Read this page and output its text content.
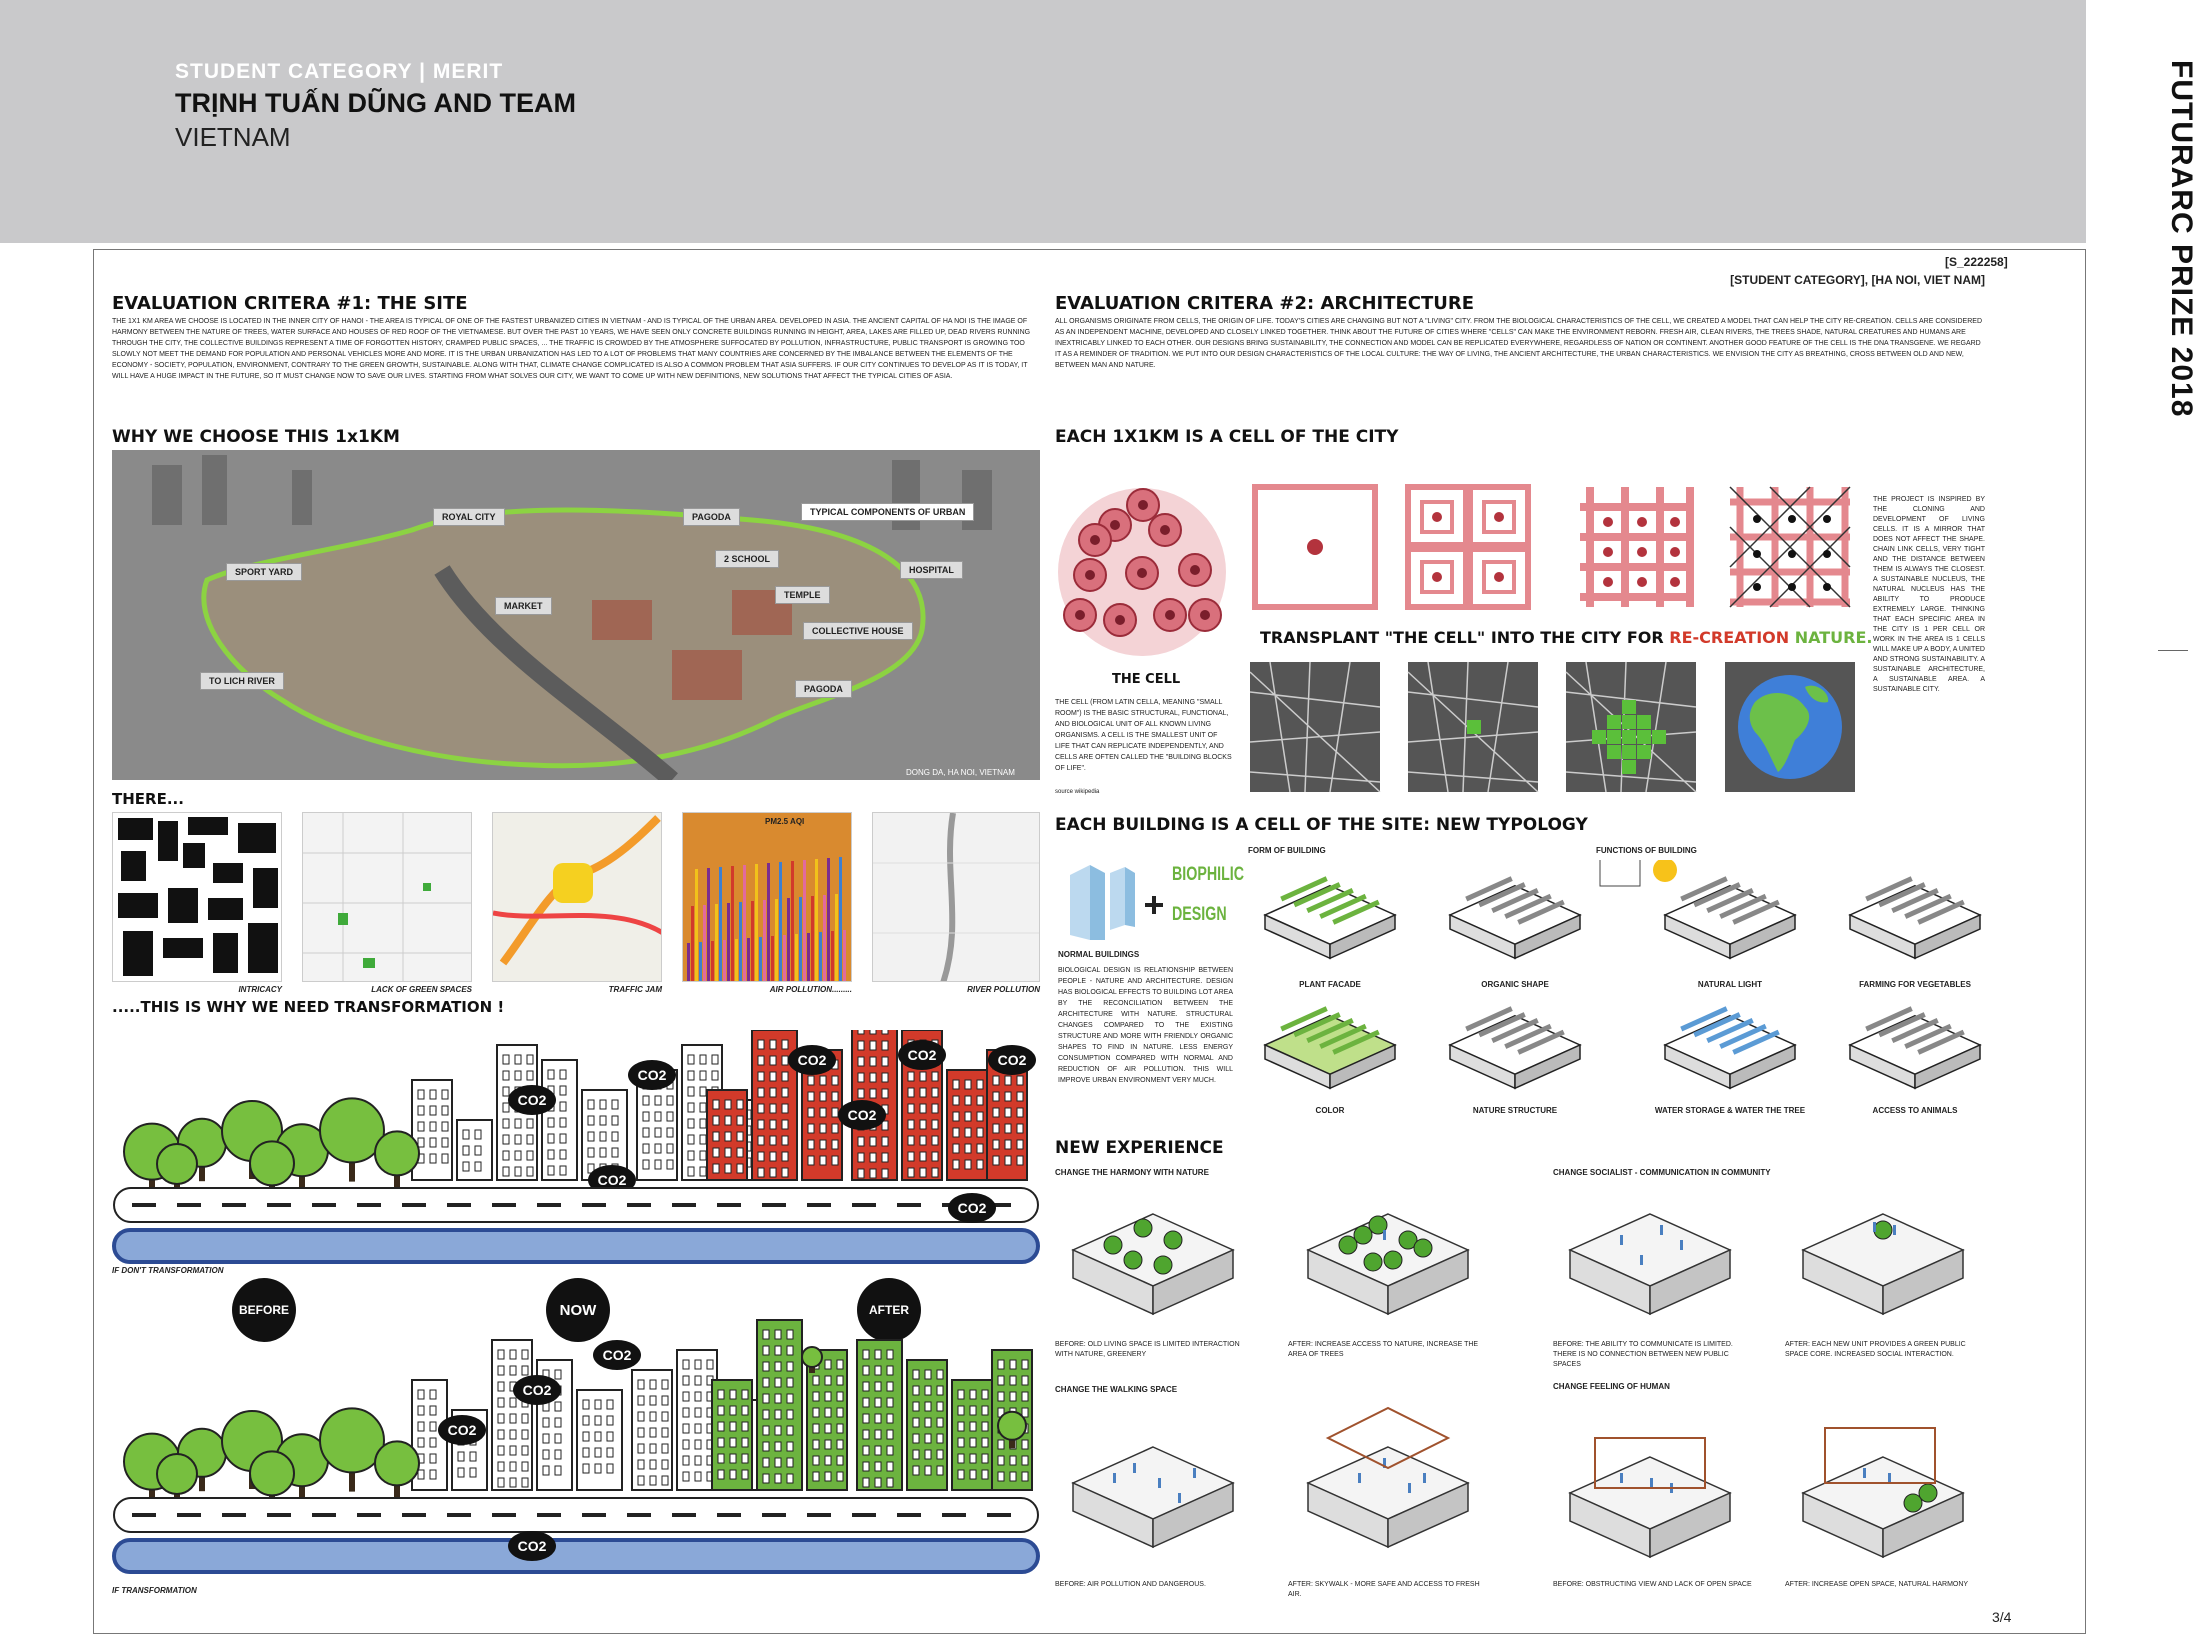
STUDENT CATEGORY | MERIT
TRỊNH TUẤN DŨNG AND TEAM
VIETNAM	FUTURARC PRIZE 2018
[S_222258]
[STUDENT CATEGORY], [HA NOI, VIET NAM]
EVALUATION CRITERA #1: THE SITE
THE 1X1 KM AREA WE CHOOSE IS LOCATED IN THE INNER CITY OF HANOI - THE AREA IS TYPICAL OF ONE OF THE FASTEST URBANIZED CITIES IN VIETNAM - AND IS TYPICAL OF THE URBAN AREA. DEVELOPED IN ASIA. THE ANCIENT CAPITAL OF HA NOI IS THE IMAGE OF HARMONY BETWEEN THE NATURE OF TREES, WATER SURFACE AND HOUSES OF RED ROOF OF THE VIETNAMESE. BUT OVER THE PAST 10 YEARS, WE HAVE SEEN ONLY CONCRETE BUILDINGS RUNNING IN HEIGHT, AREA, LAKES ARE FILLED UP, DEAD RIVERS RUNNING THROUGH THE CITY, THE COLLECTIVE BUILDINGS REPRESENT A TIME OF FORGOTTEN HISTORY, CRAMPED PUBLIC SPACES, ... THE TRAFFIC IS CROWDED BY THE ATMOSPHERE SUFFOCATED BY POLLUTION, INFRASTRUCTURE, PUBLIC TRANSPORT IS GROWING TOO SLOWLY NOT MEET THE DEMAND FOR POPULATION AND PERSONAL VEHICLES MORE AND MORE. IT IS THE URBAN URBANIZATION HAS LED TO A LOT OF PROBLEMS THAT MANY COUNTRIES ARE CONCERNED BY THE IMBALANCE BETWEEN THE ELEMENTS OF THE ECONOMY - SOCIETY, POPULATION, ENVIRONMENT, CONTRARY TO THE GREEN GROWTH, SUSTAINABLE. ALONG WITH THAT, CLIMATE CHANGE COMPLICATED IS ALSO A COMMON PROBLEM THAT ASIA SUFFERS. IF OUR CITY CONTINUES TO DEVELOP AS IT IS TODAY, IT WILL HAVE A HUGE IMPACT IN THE FUTURE, SO IT MUST CHANGE NOW TO SAVE OUR LIVES. STARTING FROM WHAT SOLVES OUR CITY, WE WANT TO COME UP WITH NEW DEFINITIONS, NEW SOLUTIONS THAT AFFECT THE TYPICAL CITIES OF ASIA.
WHY WE CHOOSE THIS 1x1KM
ROYAL CITY	PAGODA	TYPICAL COMPONENTS OF URBAN
SPORT YARD
2 SCHOOL
HOSPITAL
TEMPLE
MARKET
COLLECTIVE HOUSE
TO LICH RIVER
PAGODA
DONG DA, HA NOI, VIETNAM
THERE...
PM2.5 AQI
INTRICACY	LACK OF GREEN SPACES	TRAFFIC JAM	AIR POLLUTION.........	RIVER POLLUTION
.....THIS IS WHY WE NEED TRANSFORMATION !
CO2
CO2
CO2	CO2	CO2
CO2
CO2
CO2
IF DON'T TRANSFORMATION
BEFORE	NOW	AFTER
CO2
CO2
CO2
CO2
IF TRANSFORMATION
EVALUATION CRITERA #2: ARCHITECTURE
ALL ORGANISMS ORIGINATE FROM CELLS, THE ORIGIN OF LIFE. TODAY'S CITIES ARE CHANGING BUT NOT A "LIVING" CITY. FROM THE BIOLOGICAL CHARACTERISTICS OF THE CELL, WE CREATED A MODEL THAT CAN HELP THE CITY RE-CREATION. CELLS ARE CONSIDERED AS AN INDEPENDENT MACHINE, DEVELOPED AND CLOSELY LINKED TOGETHER. THINK ABOUT THE FUTURE OF CITIES WHERE "CELLS" CAN MAKE THE ENVIRONMENT REBORN. FRESH AIR, CLEAN RIVERS, THE TREES SHADE, NATURAL CREATURES AND HUMANS ARE INEXTRICABLY LINKED TO EACH OTHER. OUR DESIGNS BRING SUSTAINABILITY, THE CONNECTION AND MODEL CAN BE REPLICATED EVERYWHERE, REGARDLESS OF NATION OR CONTINENT. ANOTHER GOOD FEATURE OF THE CELL IS THE DNA TRANSGENE. WE REGARD IT AS A REMINDER OF TRADITION. WE PUT INTO OUR DESIGN CHARACTERISTICS OF THE LOCAL CULTURE: THE WAY OF LIVING, THE ANCIENT ARCHITECTURE, THE URBAN CHARACTERISTICS. WE ENVISION THE CITY AS BREATHING, CROSS BETWEEN OLD AND NEW, BETWEEN MAN AND NATURE.
EACH 1X1KM IS A CELL OF THE CITY
THE CELL
THE CELL (FROM LATIN CELLA, MEANING "SMALL ROOM") IS THE BASIC STRUCTURAL, FUNCTIONAL, AND BIOLOGICAL UNIT OF ALL KNOWN LIVING ORGANISMS. A CELL IS THE SMALLEST UNIT OF LIFE THAT CAN REPLICATE INDEPENDENTLY, AND CELLS ARE OFTEN CALLED THE "BUILDING BLOCKS OF LIFE".
source wikipedia
TRANSPLANT "THE CELL" INTO THE CITY FOR RE-CREATION NATURE.
THE PROJECT IS INSPIRED BY THE CLONING AND DEVELOPMENT OF LIVING CELLS. IT IS A MIRROR THAT DOES NOT AFFECT THE SHAPE. CHAIN LINK CELLS, VERY TIGHT AND THE DISTANCE BETWEEN THEM IS ALWAYS THE CLOSEST. A SUSTAINABLE NUCLEUS, THE NATURAL NUCLEUS HAS THE ABILITY TO PRODUCE EXTREMELY LARGE. THINKING THAT EACH SPECIFIC AREA IN THE CITY IS 1 PER CELL OR WORK IN THE AREA IS 1 CELLS WILL MAKE UP A BODY, A UNITED AND STRONG SUSTAINABILITY. A SUSTAINABLE ARCHITECTURE, A SUSTAINABLE AREA. A SUSTAINABLE CITY.
EACH BUILDING IS A CELL OF THE SITE: NEW TYPOLOGY
FORM OF BUILDING	FUNCTIONS OF BUILDING
BIOPHILIC
DESIGN
NORMAL BUILDINGS
BIOLOGICAL DESIGN IS RELATIONSHIP BETWEEN PEOPLE - NATURE AND ARCHITECTURE. DESIGN HAS BIOLOGICAL EFFECTS TO BUILDING LOT AREA BY THE RECONCILIATION BETWEEN THE ARCHITECTURE WITH NATURE. STRUCTURAL CHANGES COMPARED TO THE EXISTING STRUCTURE AND MORE WITH FRIENDLY ORGANIC SHAPES TO FIND IN NATURE. LESS ENERGY CONSUMPTION COMPARED WITH NORMAL AND REDUCTION OF AIR POLLUTION. THIS WILL IMPROVE URBAN ENVIRONMENT VERY MUCH.
PLANT FACADE	ORGANIC SHAPE	NATURAL LIGHT	FARMING FOR VEGETABLES
COLOR	NATURE STRUCTURE	WATER STORAGE & WATER THE TREE	ACCESS TO ANIMALS
NEW EXPERIENCE
CHANGE THE HARMONY WITH NATURE	CHANGE SOCIALIST - COMMUNICATION IN COMMUNITY
BEFORE: OLD LIVING SPACE IS LIMITED INTERACTION WITH NATURE, GREENERY
AFTER: INCREASE ACCESS TO NATURE, INCREASE THE AREA OF TREES
BEFORE: THE ABILITY TO COMMUNICATE IS LIMITED. THERE IS NO CONNECTION BETWEEN NEW PUBLIC SPACES
AFTER: EACH NEW UNIT PROVIDES A GREEN PUBLIC SPACE CORE. INCREASED SOCIAL INTERACTION.
CHANGE THE WALKING SPACE	CHANGE FEELING OF HUMAN
BEFORE: AIR POLLUTION AND DANGEROUS.	AFTER: SKYWALK - MORE SAFE AND ACCESS TO FRESH AIR.
BEFORE: OBSTRUCTING VIEW AND LACK OF OPEN SPACE	AFTER: INCREASE OPEN SPACE, NATURAL HARMONY
3/4
